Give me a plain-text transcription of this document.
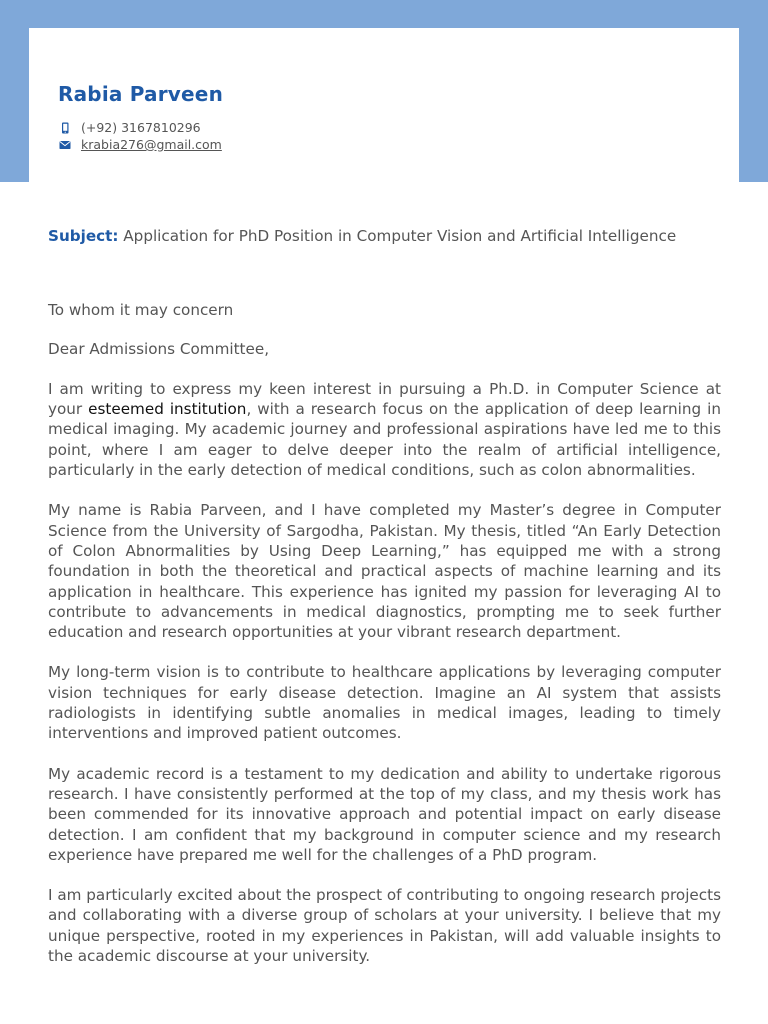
Rabia Parveen
(+92) 3167810296
krabia276@gmail.com

Subject: Application for PhD Position in Computer Vision and Artificial Intelligence

To whom it may concern

Dear Admissions Committee,

I am writing to express my keen interest in pursuing a Ph.D. in Computer Science at your esteemed institution, with a research focus on the application of deep learning in medical imaging. My academic journey and professional aspirations have led me to this point, where I am eager to delve deeper into the realm of artificial intelligence, particularly in the early detection of medical conditions, such as colon abnormalities.

My name is Rabia Parveen, and I have completed my Master’s degree in Computer Science from the University of Sargodha, Pakistan. My thesis, titled “An Early Detection of Colon Abnormalities by Using Deep Learning,” has equipped me with a strong foundation in both the theoretical and practical aspects of machine learning and its application in healthcare. This experience has ignited my passion for leveraging AI to contribute to advancements in medical diagnostics, prompting me to seek further education and research opportunities at your vibrant research department.

My long-term vision is to contribute to healthcare applications by leveraging computer vision techniques for early disease detection. Imagine an AI system that assists radiologists in identifying subtle anomalies in medical images, leading to timely interventions and improved patient outcomes.

My academic record is a testament to my dedication and ability to undertake rigorous research. I have consistently performed at the top of my class, and my thesis work has been commended for its innovative approach and potential impact on early disease detection. I am confident that my background in computer science and my research experience have prepared me well for the challenges of a PhD program.

I am particularly excited about the prospect of contributing to ongoing research projects and collaborating with a diverse group of scholars at your university. I believe that my unique perspective, rooted in my experiences in Pakistan, will add valuable insights to the academic discourse at your university.
